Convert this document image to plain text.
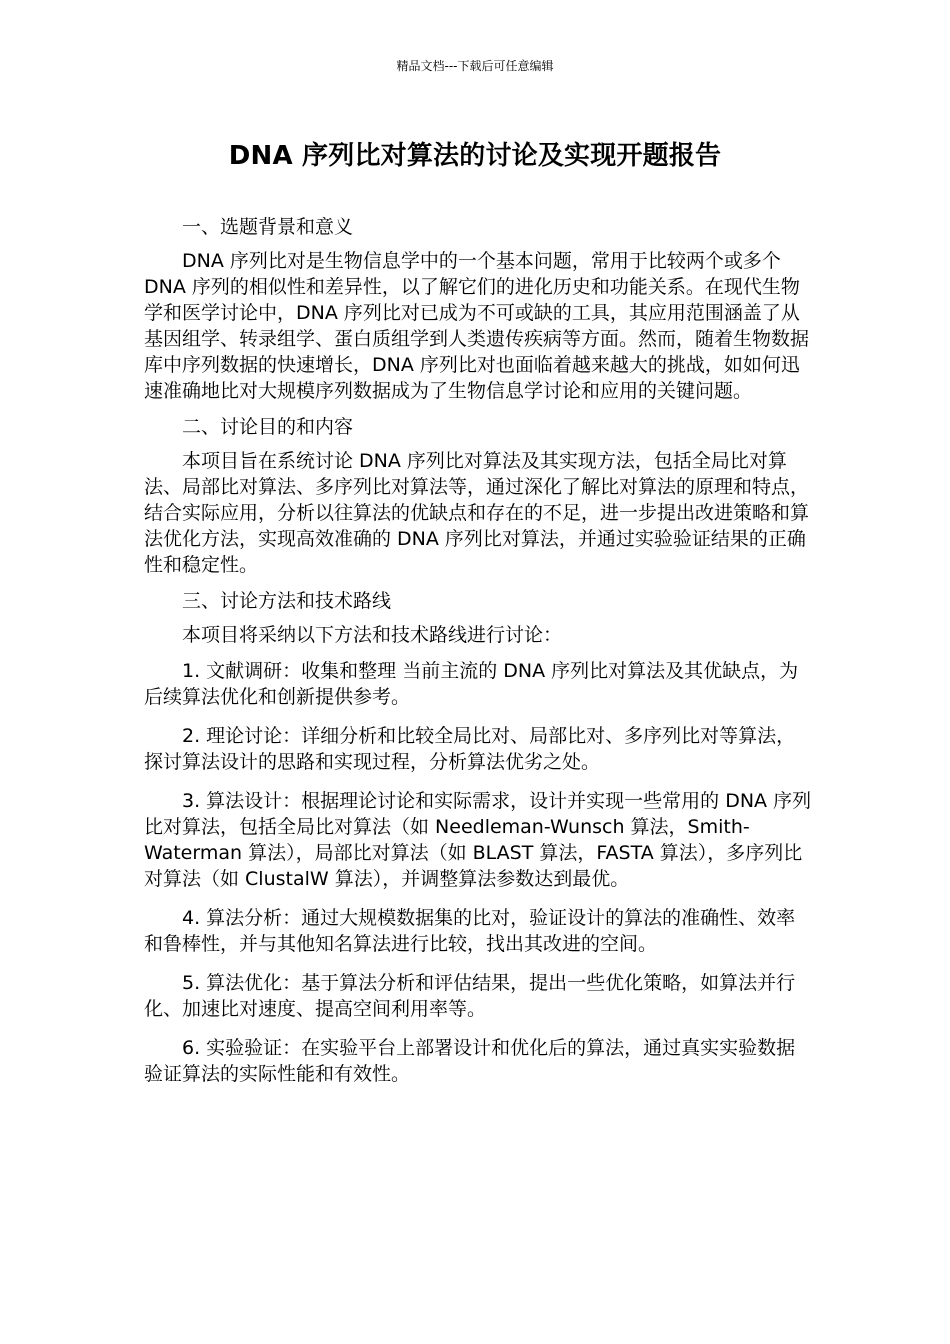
精品文档---下载后可任意编辑
DNA 序列比对算法的讨论及实现开题报告

一、选题背景和意义

DNA 序列比对是生物信息学中的一个基本问题，常用于比较两个或多个 DNA 序列的相似性和差异性，以了解它们的进化历史和功能关系。在现代生物学和医学讨论中，DNA 序列比对已成为不可或缺的工具，其应用范围涵盖了从基因组学、转录组学、蛋白质组学到人类遗传疾病等方面。然而，随着生物数据库中序列数据的快速增长，DNA 序列比对也面临着越来越大的挑战，如如何迅速准确地比对大规模序列数据成为了生物信息学讨论和应用的关键问题。

二、讨论目的和内容

本项目旨在系统讨论 DNA 序列比对算法及其实现方法，包括全局比对算法、局部比对算法、多序列比对算法等，通过深化了解比对算法的原理和特点，结合实际应用，分析以往算法的优缺点和存在的不足，进一步提出改进策略和算法优化方法，实现高效准确的 DNA 序列比对算法，并通过实验验证结果的正确性和稳定性。

三、讨论方法和技术路线

本项目将采纳以下方法和技术路线进行讨论：

1. 文献调研：收集和整理 当前主流的 DNA 序列比对算法及其优缺点，为后续算法优化和创新提供参考。

2. 理论讨论：详细分析和比较全局比对、局部比对、多序列比对等算法，探讨算法设计的思路和实现过程，分析算法优劣之处。

3. 算法设计：根据理论讨论和实际需求，设计并实现一些常用的 DNA 序列比对算法，包括全局比对算法（如 Needleman-Wunsch 算法，Smith-Waterman 算法），局部比对算法（如 BLAST 算法，FASTA 算法），多序列比对算法（如 ClustalW 算法），并调整算法参数达到最优。

4. 算法分析：通过大规模数据集的比对，验证设计的算法的准确性、效率和鲁棒性，并与其他知名算法进行比较，找出其改进的空间。

5. 算法优化：基于算法分析和评估结果，提出一些优化策略，如算法并行化、加速比对速度、提高空间利用率等。

6. 实验验证：在实验平台上部署设计和优化后的算法，通过真实实验数据验证算法的实际性能和有效性。
